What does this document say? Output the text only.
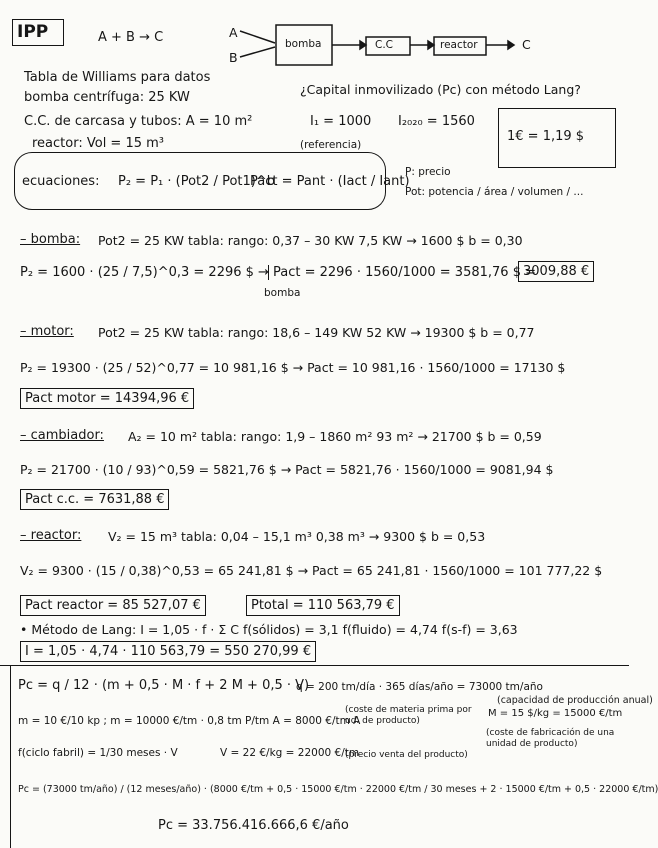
IPP	A + B → C	A
B
bomba	C.C	reactor	C
Tabla de Williams para datos
bomba centrífuga: 25 KW
¿Capital inmovilizado (Pc) con método Lang?
C.C. de carcasa y tubos: A = 10 m²	I₁ = 1000 I₂₀₂₀ = 1560
1€ = 1,19 $
reactor: Vol = 15 m³	(referencia)
ecuaciones: P₂ = P₁ · (Pot2 / Pot1)^b
Pact = Pant · (Iact / Iant)
P: precio
Pot: potencia / área / volumen / ...
– bomba: Pot2 = 25 KW tabla: rango: 0,37 – 30 KW 7,5 KW → 1600 $ b = 0,30
P₂ = 1600 · (25 / 7,5)^0,3 = 2296 $ → Pact = 2296 · 1560/1000 = 3581,76 $ =
3009,88 €
bomba
– motor: Pot2 = 25 KW tabla: rango: 18,6 – 149 KW 52 KW → 19300 $ b = 0,77
P₂ = 19300 · (25 / 52)^0,77 = 10 981,16 $ → Pact = 10 981,16 · 1560/1000 = 17130 $
Pact motor = 14394,96 €
– cambiador: A₂ = 10 m² tabla: rango: 1,9 – 1860 m² 93 m² → 21700 $ b = 0,59
P₂ = 21700 · (10 / 93)^0,59 = 5821,76 $ → Pact = 5821,76 · 1560/1000 = 9081,94 $
Pact c.c. = 7631,88 €
– reactor: V₂ = 15 m³ tabla: 0,04 – 15,1 m³ 0,38 m³ → 9300 $ b = 0,53
V₂ = 9300 · (15 / 0,38)^0,53 = 65 241,81 $ → Pact = 65 241,81 · 1560/1000 = 101 777,22 $
Pact reactor = 85 527,07 €	Ptotal = 110 563,79 €
• Método de Lang: I = 1,05 · f · Σ C f(sólidos) = 3,1 f(fluido) = 4,74 f(s-f) = 3,63
I = 1,05 · 4,74 · 110 563,79 = 550 270,99 €
Pc = q / 12 · (m + 0,5 · M · f + 2 M + 0,5 · V)
q = 200 tm/día · 365 días/año = 73000 tm/año
(capacidad de producción anual)
m = 10 €/10 kp ; m = 10000 €/tm · 0,8 tm P/tm A = 8000 €/tm A
(coste de materia prima por ud. de producto)
M = 15 $/kg = 15000 €/tm
(coste de fabricación de una unidad de producto)
f(ciclo fabril) = 1/30 meses · V	V = 22 €/kg = 22000 €/tm
(precio venta del producto)
Pc = (73000 tm/año) / (12 meses/año) · (8000 €/tm + 0,5 · 15000 €/tm · 22000 €/tm / 30 meses + 2 · 15000 €/tm + 0,5 · 22000 €/tm)
Pc = 33.756.416.666,6 €/año
